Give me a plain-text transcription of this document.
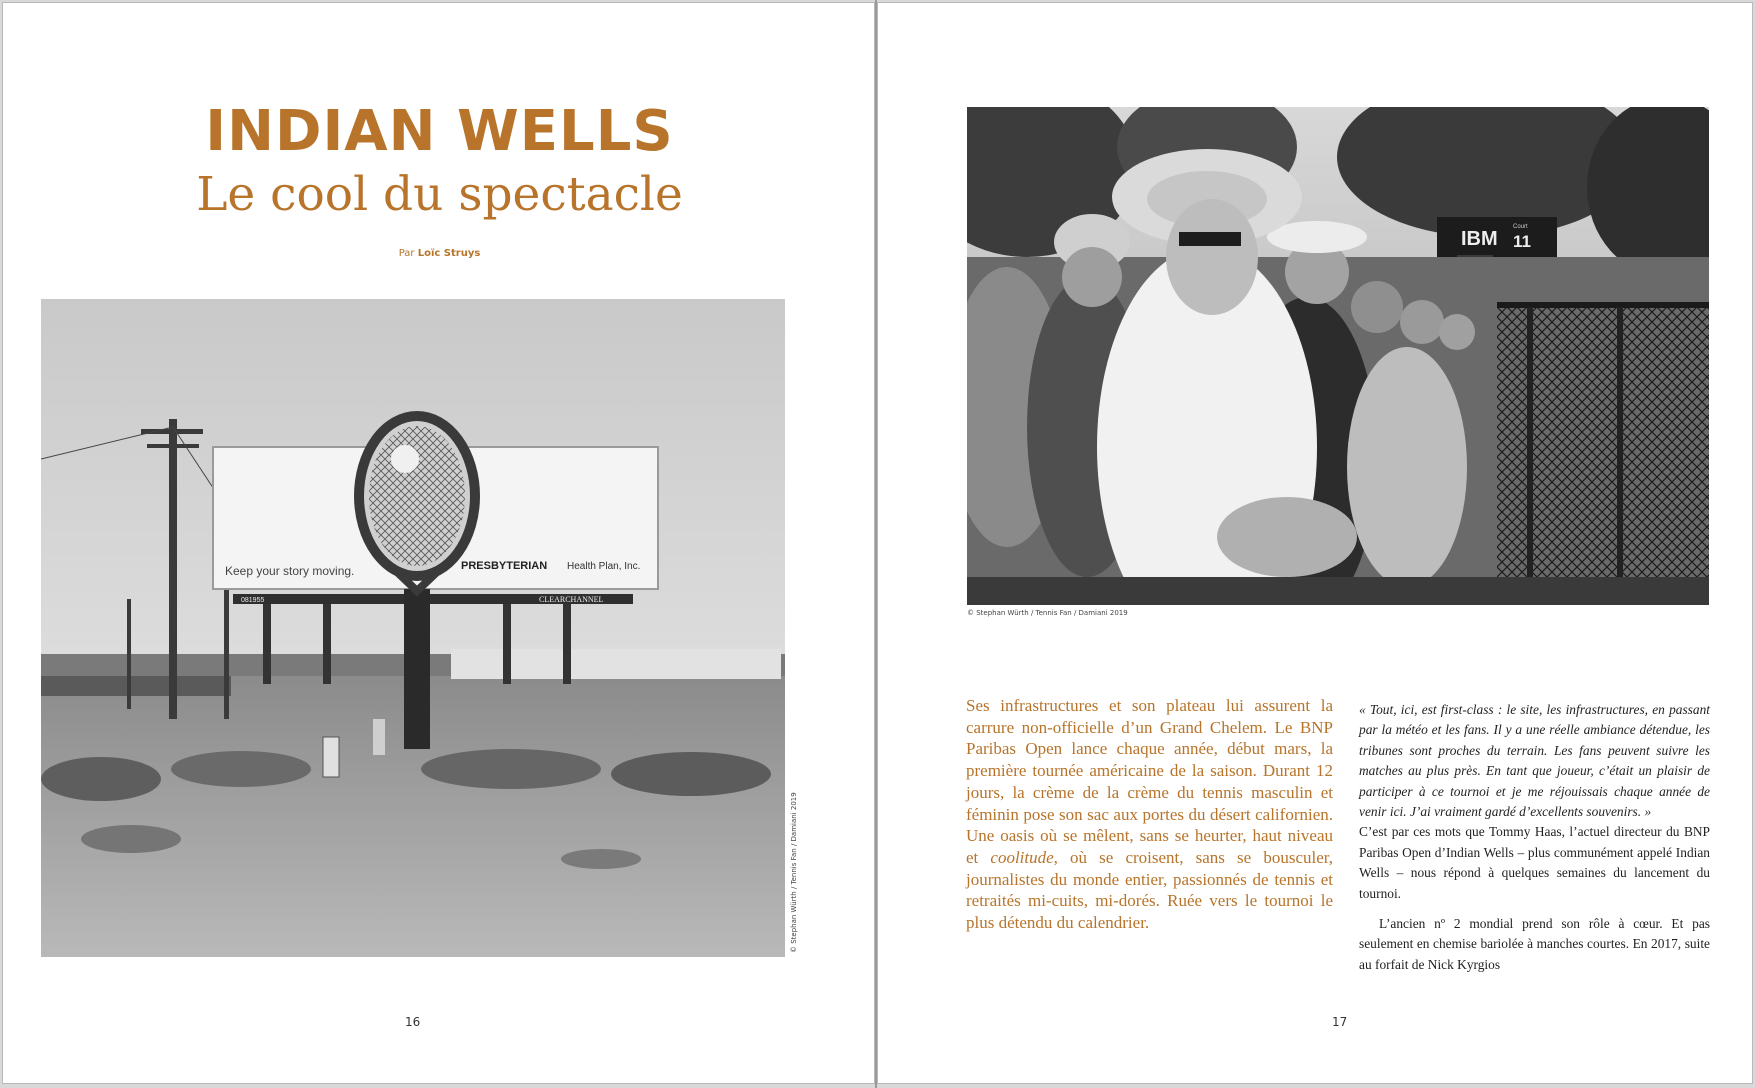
INDIAN WELLS
Le cool du spectacle
Par Loïc Struys
Keep your story moving.	PRESBYTERIAN Health Plan, Inc.
081955	CLEARCHANNEL
© Stephan Würth / Tennis Fan / Damiani 2019
16
IBM
Court
11
© Stephan Würth / Tennis Fan / Damiani 2019
Ses infrastructures et son plateau lui assurent la carrure non-officielle d’un Grand Chelem. Le BNP Paribas Open lance chaque année, début mars, la première tournée américaine de la saison. Durant 12 jours, la crème de la crème du tennis masculin et féminin pose son sac aux portes du désert californien. Une oasis où se mêlent, sans se heurter, haut niveau et coolitude, où se croisent, sans se bousculer, journalistes du monde entier, passionnés de tennis et retraités mi-cuits, mi-dorés. Ruée vers le tournoi le plus détendu du calendrier.

« Tout, ici, est first-class : le site, les infrastructures, en passant par la météo et les fans. Il y a une réelle ambiance détendue, les tribunes sont proches du terrain. Les fans peuvent suivre les matches au plus près. En tant que joueur, c’était un plaisir de participer à ce tournoi et je me réjouissais chaque année de venir ici. J’ai vraiment gardé d’excellents souvenirs. »

C’est par ces mots que Tommy Haas, l’actuel directeur du BNP Paribas Open d’Indian Wells – plus communément appelé Indian Wells – nous répond à quelques semaines du lancement du tournoi.

L’ancien nº 2 mondial prend son rôle à cœur. Et pas seulement en chemise bariolée à manches courtes. En 2017, suite au forfait de Nick Kyrgios

17
